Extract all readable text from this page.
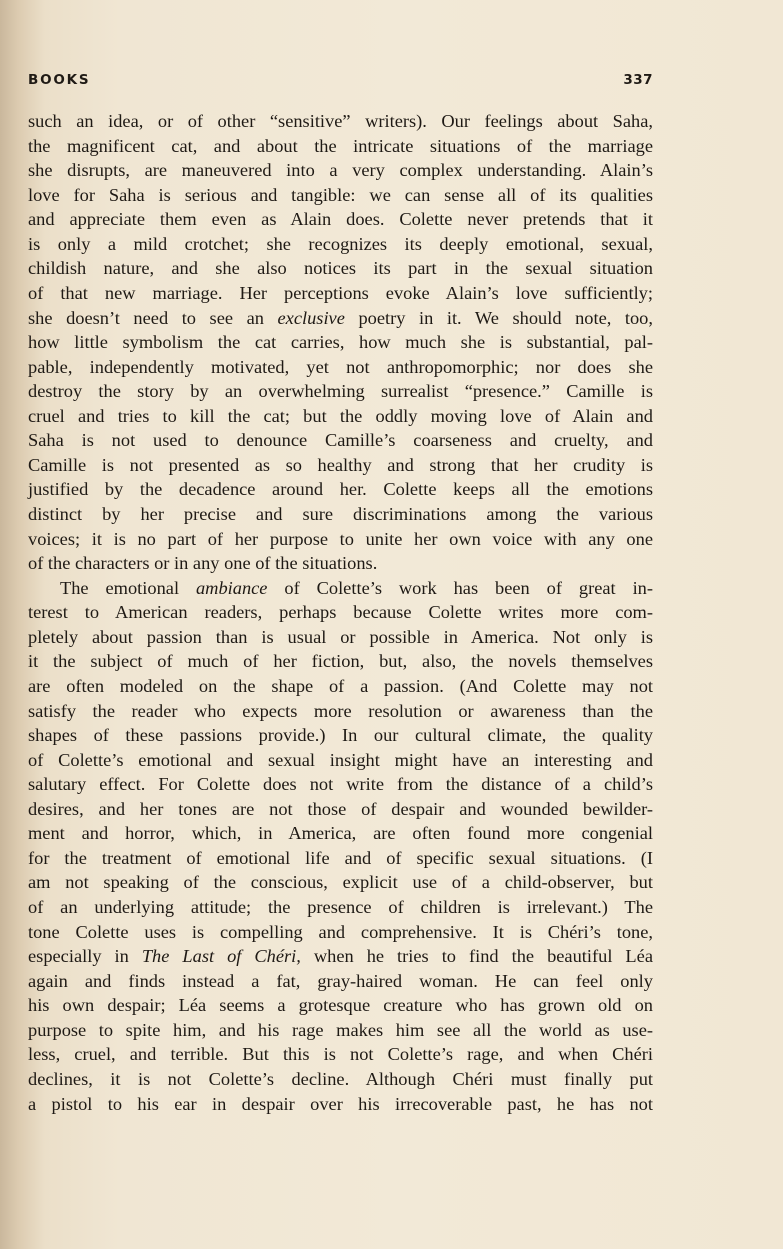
BOOKS	337
such an idea, or of other “sensitive” writers). Our feelings about Saha,
the magnificent cat, and about the intricate situations of the marriage
she disrupts, are maneuvered into a very complex understanding. Alain’s
love for Saha is serious and tangible: we can sense all of its qualities
and appreciate them even as Alain does. Colette never pretends that it
is only a mild crotchet; she recognizes its deeply emotional, sexual,
childish nature, and she also notices its part in the sexual situation
of that new marriage. Her perceptions evoke Alain’s love sufficiently;
she doesn’t need to see an exclusive poetry in it. We should note, too,
how little symbolism the cat carries, how much she is substantial, pal-
pable, independently motivated, yet not anthropomorphic; nor does she
destroy the story by an overwhelming surrealist “presence.” Camille is
cruel and tries to kill the cat; but the oddly moving love of Alain and
Saha is not used to denounce Camille’s coarseness and cruelty, and
Camille is not presented as so healthy and strong that her crudity is
justified by the decadence around her. Colette keeps all the emotions
distinct by her precise and sure discriminations among the various
voices; it is no part of her purpose to unite her own voice with any one
of the characters or in any one of the situations.
The emotional ambiance of Colette’s work has been of great in-
terest to American readers, perhaps because Colette writes more com-
pletely about passion than is usual or possible in America. Not only is
it the subject of much of her fiction, but, also, the novels themselves
are often modeled on the shape of a passion. (And Colette may not
satisfy the reader who expects more resolution or awareness than the
shapes of these passions provide.) In our cultural climate, the quality
of Colette’s emotional and sexual insight might have an interesting and
salutary effect. For Colette does not write from the distance of a child’s
desires, and her tones are not those of despair and wounded bewilder-
ment and horror, which, in America, are often found more congenial
for the treatment of emotional life and of specific sexual situations. (I
am not speaking of the conscious, explicit use of a child-observer, but
of an underlying attitude; the presence of children is irrelevant.) The
tone Colette uses is compelling and comprehensive. It is Chéri’s tone,
especially in The Last of Chéri, when he tries to find the beautiful Léa
again and finds instead a fat, gray-haired woman. He can feel only
his own despair; Léa seems a grotesque creature who has grown old on
purpose to spite him, and his rage makes him see all the world as use-
less, cruel, and terrible. But this is not Colette’s rage, and when Chéri
declines, it is not Colette’s decline. Although Chéri must finally put
a pistol to his ear in despair over his irrecoverable past, he has not
